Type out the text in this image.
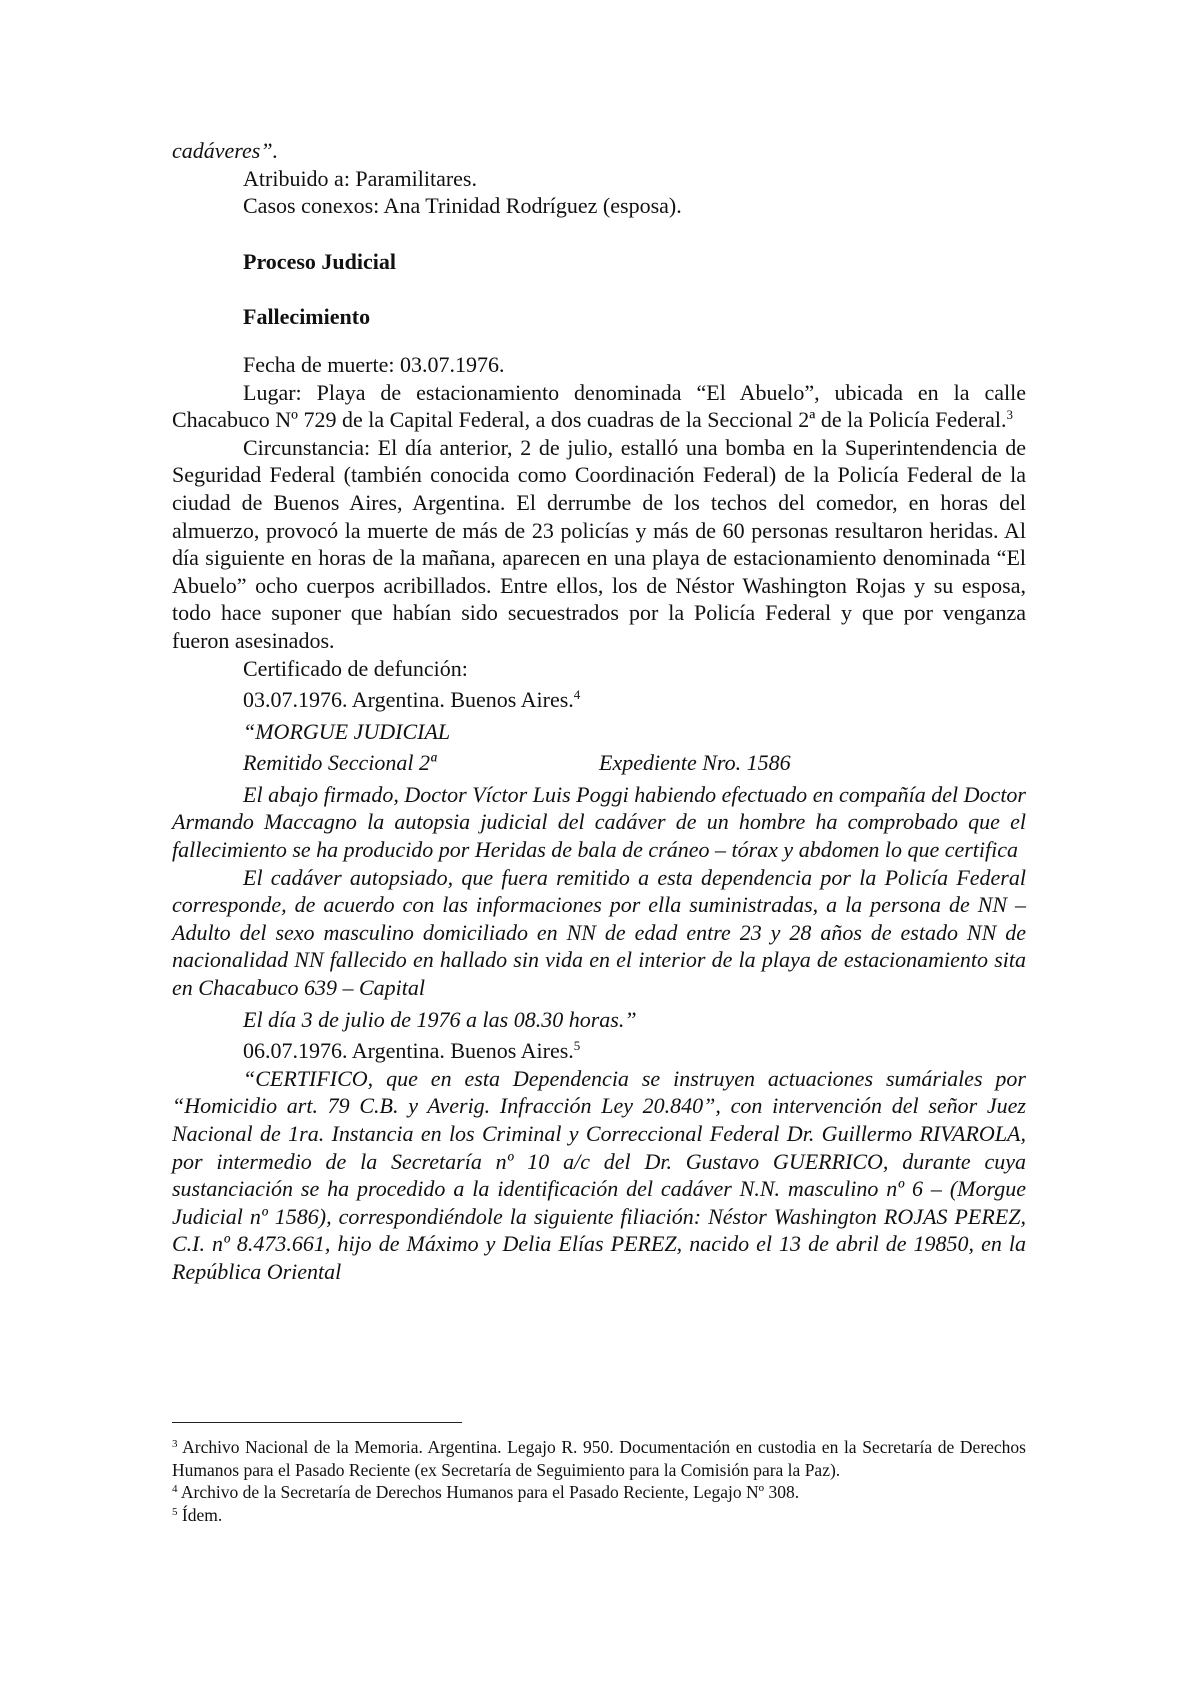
cadáveres”.

Atribuido a: Paramilitares.

Casos conexos: Ana Trinidad Rodríguez (esposa).

Proceso Judicial

Fallecimiento

Fecha de muerte: 03.07.1976.

Lugar: Playa de estacionamiento denominada “El Abuelo”, ubicada en la calle Chacabuco Nº 729 de la Capital Federal, a dos cuadras de la Seccional 2ª de la Policía Federal.$^3$

Circunstancia: El día anterior, 2 de julio, estalló una bomba en la Superintendencia de Seguridad Federal (también conocida como Coordinación Federal) de la Policía Federal de la ciudad de Buenos Aires, Argentina. El derrumbe de los techos del comedor, en horas del almuerzo, provocó la muerte de más de 23 policías y más de 60 personas resultaron heridas. Al día siguiente en horas de la mañana, aparecen en una playa de estacionamiento denominada “El Abuelo” ocho cuerpos acribillados. Entre ellos, los de Néstor Washington Rojas y su esposa, todo hace suponer que habían sido secuestrados por la Policía Federal y que por venganza fueron asesinados.

Certificado de defunción:

03.07.1976. Argentina. Buenos Aires.$^4$

“MORGUE JUDICIAL

Remitido Seccional 2ª	Expediente Nro. 1586

El abajo firmado, Doctor Víctor Luis Poggi habiendo efectuado en compañía del Doctor Armando Maccagno la autopsia judicial del cadáver de un hombre ha comprobado que el fallecimiento se ha producido por Heridas de bala de cráneo – tórax y abdomen lo que certifica

El cadáver autopsiado, que fuera remitido a esta dependencia por la Policía Federal corresponde, de acuerdo con las informaciones por ella suministradas, a la persona de NN – Adulto del sexo masculino domiciliado en NN de edad entre 23 y 28 años de estado NN de nacionalidad NN fallecido en hallado sin vida en el interior de la playa de estacionamiento sita en Chacabuco 639 – Capital

El día 3 de julio de 1976 a las 08.30 horas.”

06.07.1976. Argentina. Buenos Aires.$^5$

“CERTIFICO, que en esta Dependencia se instruyen actuaciones sumáriales por “Homicidio art. 79 C.B. y Averig. Infracción Ley 20.840”, con intervención del señor Juez Nacional de 1ra. Instancia en los Criminal y Correccional Federal Dr. Guillermo RIVAROLA, por intermedio de la Secretaría nº 10 a/c del Dr. Gustavo GUERRICO, durante cuya sustanciación se ha procedido a la identificación del cadáver N.N. masculino nº 6 – (Morgue Judicial nº 1586), correspondiéndole la siguiente filiación: Néstor Washington ROJAS PEREZ, C.I. nº 8.473.661, hijo de Máximo y Delia Elías PEREZ, nacido el 13 de abril de 19850, en la República Oriental

$^3$ Archivo Nacional de la Memoria. Argentina. Legajo R. 950. Documentación en custodia en la Secretaría de Derechos Humanos para el Pasado Reciente (ex Secretaría de Seguimiento para la Comisión para la Paz).

$^4$ Archivo de la Secretaría de Derechos Humanos para el Pasado Reciente, Legajo Nº 308.

$^5$ Ídem.
